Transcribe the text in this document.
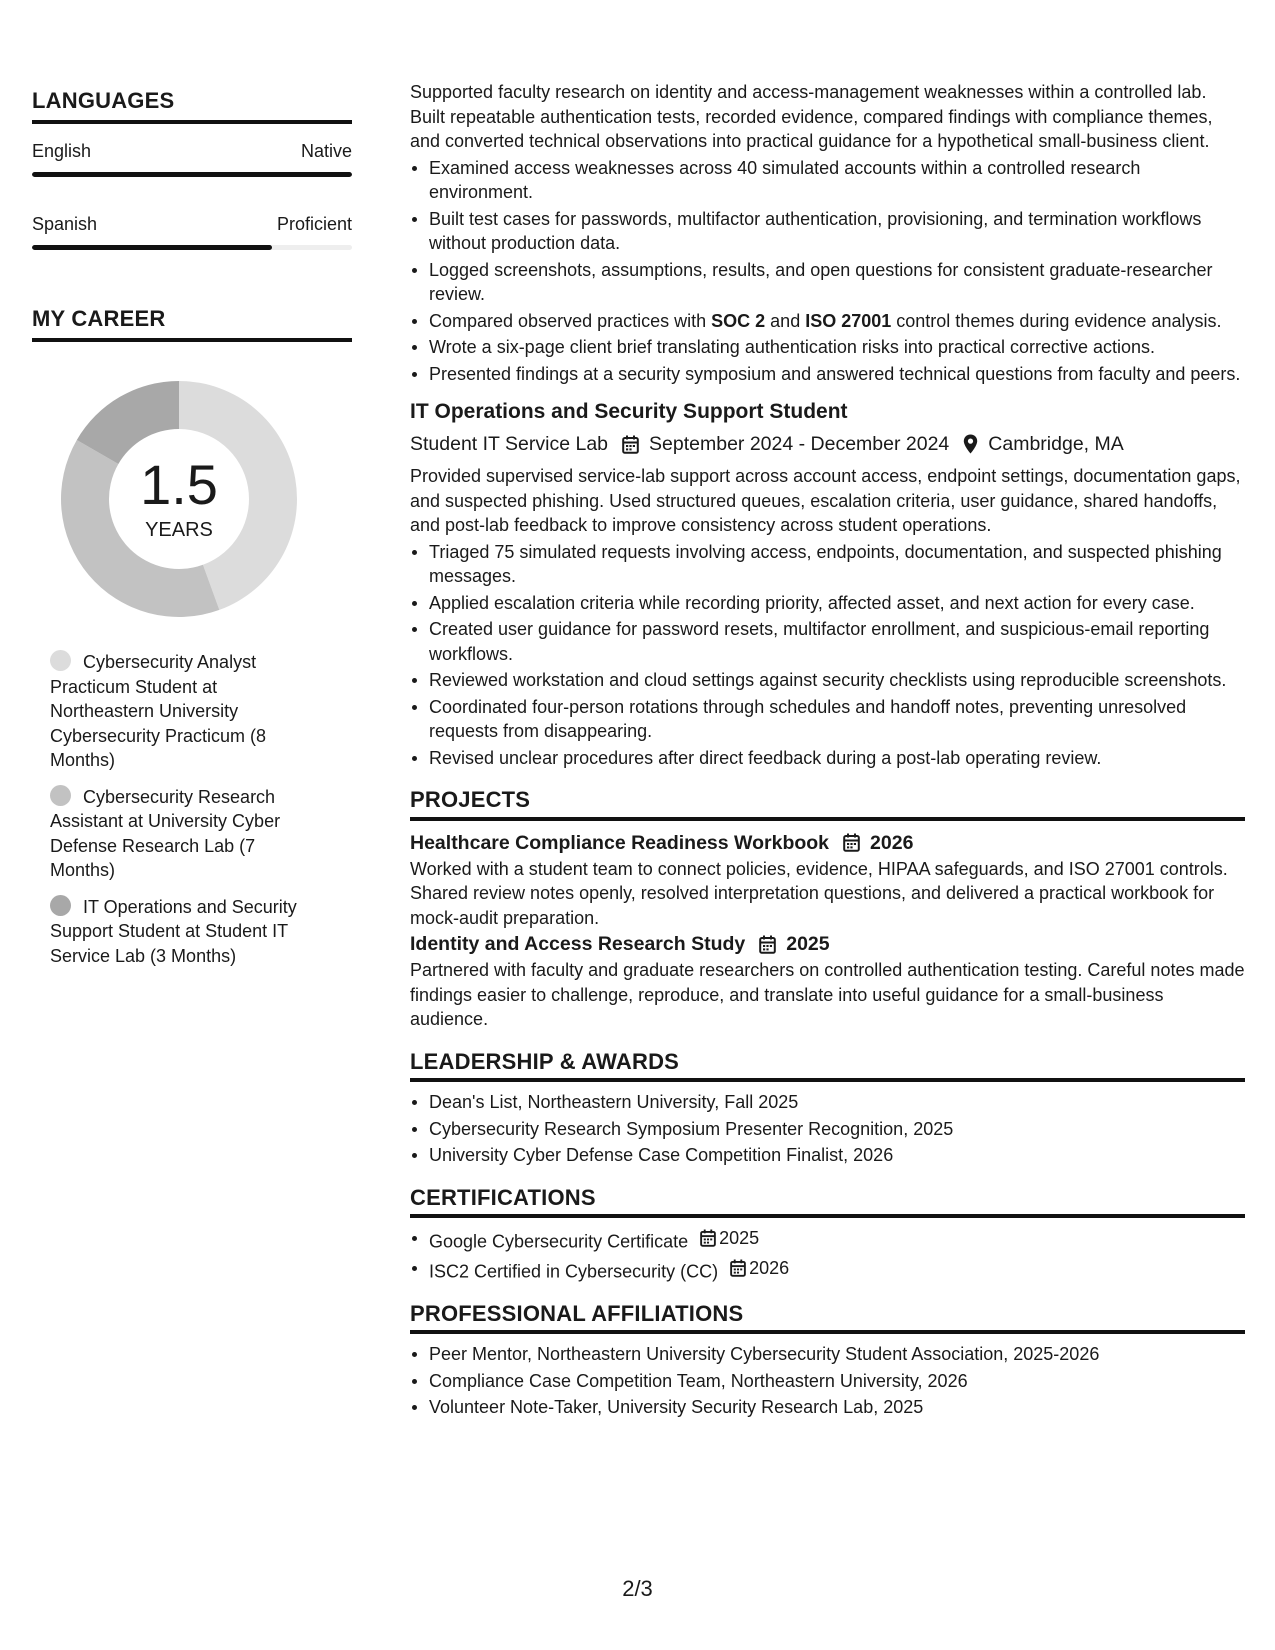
LANGUAGES
English	Native
Spanish	Proficient
MY CAREER
1.5
YEARS
Cybersecurity Analyst Practicum Student at Northeastern University Cybersecurity Practicum (8 Months)
Cybersecurity Research Assistant at University Cyber Defense Research Lab (7 Months)
IT Operations and Security Support Student at Student IT Service Lab (3 Months)

Supported faculty research on identity and access-management weaknesses within a controlled lab. Built repeatable authentication tests, recorded evidence, compared findings with compliance themes, and converted technical observations into practical guidance for a hypothetical small-business client.

Examined access weaknesses across 40 simulated accounts within a controlled research environment.
Built test cases for passwords, multifactor authentication, provisioning, and termination workflows without production data.
Logged screenshots, assumptions, results, and open questions for consistent graduate-researcher review.
Compared observed practices with SOC 2 and ISO 27001 control themes during evidence analysis.
Wrote a six-page client brief translating authentication risks into practical corrective actions.
Presented findings at a security symposium and answered technical questions from faculty and peers.
IT Operations and Security Support Student
Student IT Service Lab September 2024 - December 2024 Cambridge, MA

Provided supervised service-lab support across account access, endpoint settings, documentation gaps, and suspected phishing. Used structured queues, escalation criteria, user guidance, shared handoffs, and post-lab feedback to improve consistency across student operations.

Triaged 75 simulated requests involving access, endpoints, documentation, and suspected phishing messages.
Applied escalation criteria while recording priority, affected asset, and next action for every case.
Created user guidance for password resets, multifactor enrollment, and suspicious-email reporting workflows.
Reviewed workstation and cloud settings against security checklists using reproducible screenshots.
Coordinated four-person rotations through schedules and handoff notes, preventing unresolved requests from disappearing.
Revised unclear procedures after direct feedback during a post-lab operating review.
PROJECTS
Healthcare Compliance Readiness Workbook 2026

Worked with a student team to connect policies, evidence, HIPAA safeguards, and ISO 27001 controls. Shared review notes openly, resolved interpretation questions, and delivered a practical workbook for mock-audit preparation.

Identity and Access Research Study 2025

Partnered with faculty and graduate researchers on controlled authentication testing. Careful notes made findings easier to challenge, reproduce, and translate into useful guidance for a small-business audience.

LEADERSHIP & AWARDS
Dean's List, Northeastern University, Fall 2025
Cybersecurity Research Symposium Presenter Recognition, 2025
University Cyber Defense Case Competition Finalist, 2026
CERTIFICATIONS
Google Cybersecurity Certificate 2025
ISC2 Certified in Cybersecurity (CC) 2026
PROFESSIONAL AFFILIATIONS
Peer Mentor, Northeastern University Cybersecurity Student Association, 2025-2026
Compliance Case Competition Team, Northeastern University, 2026
Volunteer Note-Taker, University Security Research Lab, 2025
2/3
